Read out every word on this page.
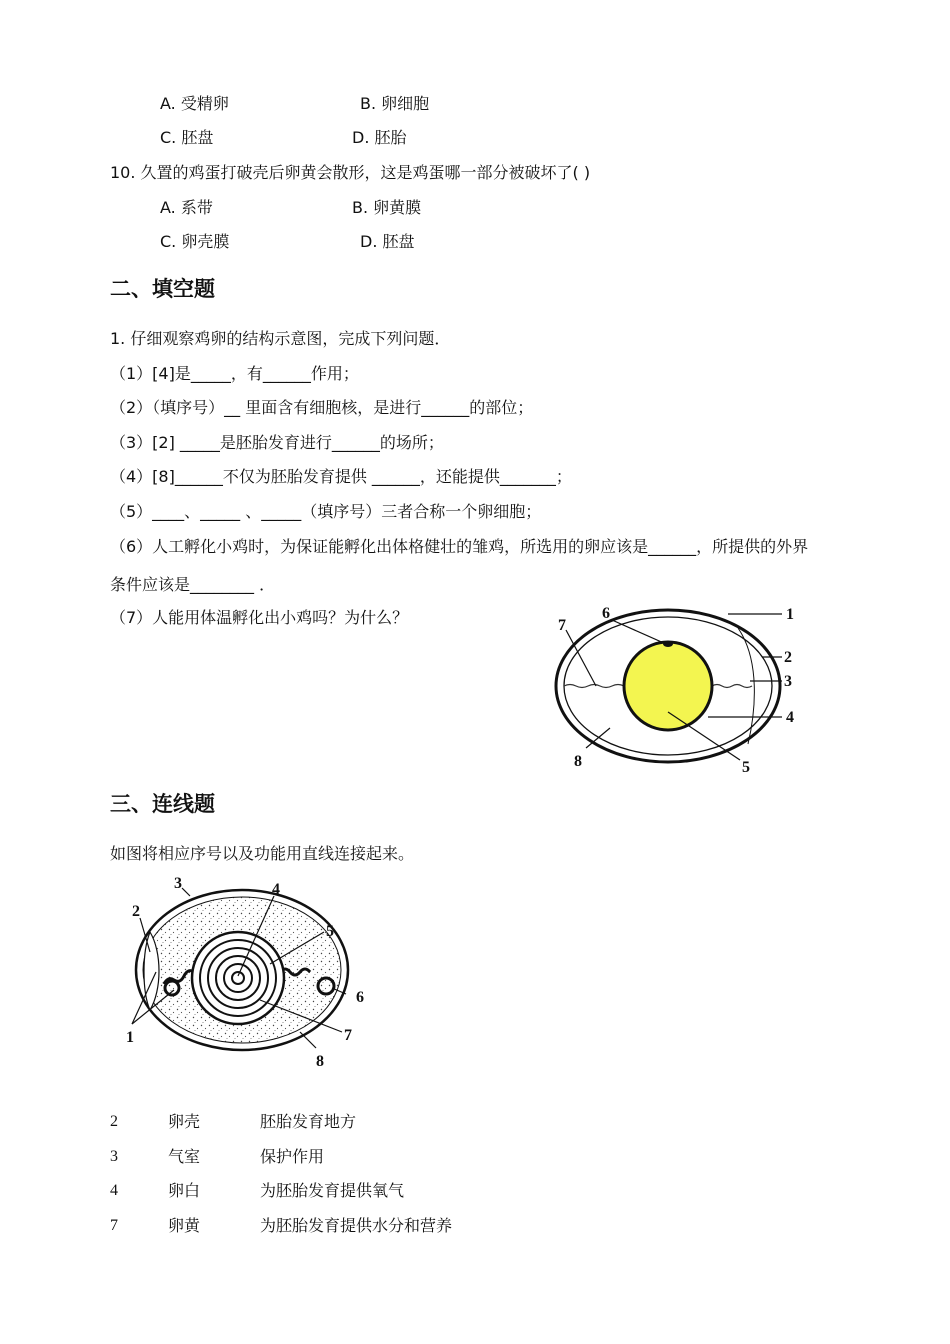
A. 受精卵	B. 卵细胞
C. 胚盘	D. 胚胎
10. 久置的鸡蛋打破壳后卵黄会散形，这是鸡蛋哪一部分被破坏了( )
A. 系带	B. 卵黄膜
C. 卵壳膜	D. 胚盘
二、填空题
1. 仔细观察鸡卵的结构示意图，完成下列问题．
（1）[4]是_____，有______作用；
（2）（填序号）__ 里面含有细胞核，是进行______的部位；
（3）[2] _____是胚胎发育进行______的场所；
（4）[8]______不仅为胚胎发育提供 ______，还能提供_______；
（5）____、_____ 、_____（填序号）三者合称一个卵细胞；
（6）人工孵化小鸡时，为保证能孵化出体格健壮的雏鸡，所选用的卵应该是______，所提供的外界
条件应该是________ ．
（7）人能用体温孵化出小鸡吗？为什么？	1
2
3
4
5
6
7
8
三、连线题
如图将相应序号以及功能用直线连接起来。
1
2
3	4
5
6
7
8
2	卵壳	胚胎发育地方
3	气室	保护作用
4	卵白	为胚胎发育提供氧气
7	卵黄	为胚胎发育提供水分和营养
